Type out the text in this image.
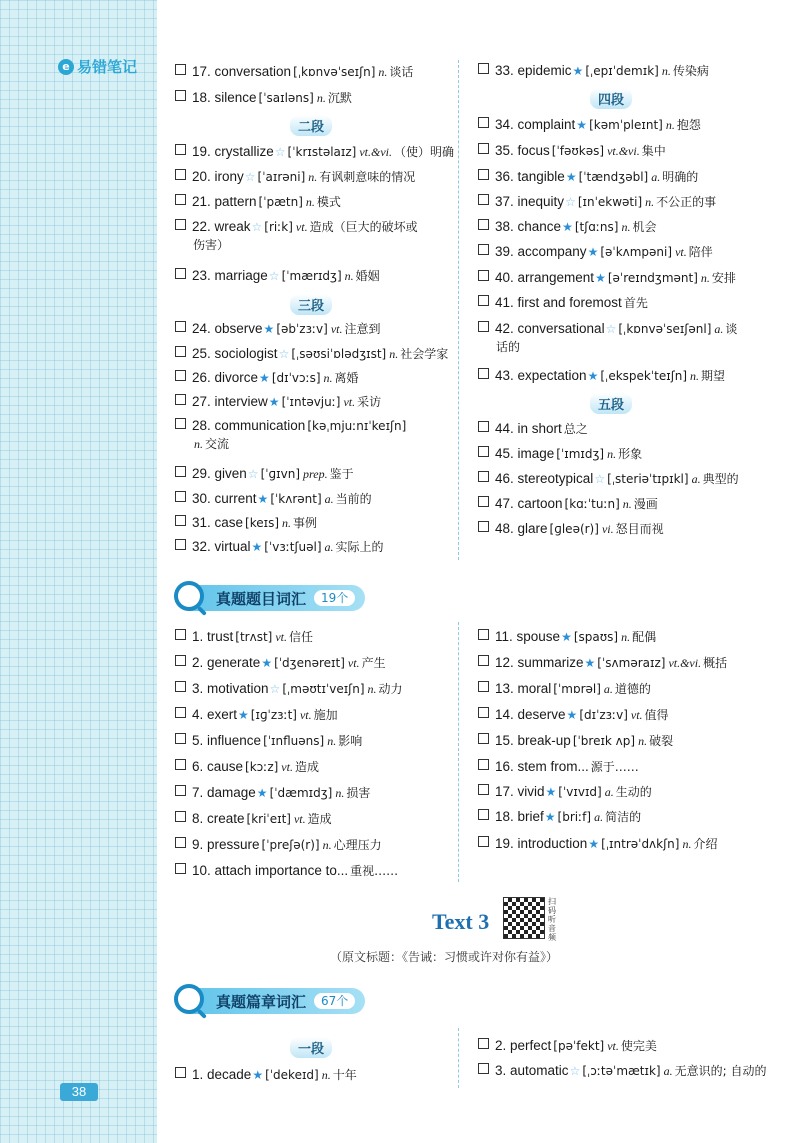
e 易错笔记
38
17. conversation [ˌkɒnvəˈseɪʃn] n. 谈话
18. silence [ˈsaɪləns] n. 沉默
二段
19. crystallize☆ [ˈkrɪstəlaɪz] vt.&vi. （使）明确
20. irony☆ [ˈaɪrəni] n. 有讽刺意味的情况
21. pattern [ˈpætn] n. 模式
22. wreak☆ [riːk] vt. 造成（巨大的破坏或
伤害）
23. marriage☆ [ˈmærɪdʒ] n. 婚姻
三段
24. observe★ [əbˈzɜːv] vt. 注意到
25. sociologist☆ [ˌsəʊsiˈɒlədʒɪst] n. 社会学家
26. divorce★ [dɪˈvɔːs] n. 离婚
27. interview★ [ˈɪntəvjuː] vt. 采访
28. communication [kəˌmjuːnɪˈkeɪʃn]
n. 交流
29. given☆ [ˈɡɪvn] prep. 鉴于
30. current★ [ˈkʌrənt] a. 当前的
31. case [keɪs] n. 事例
32. virtual★ [ˈvɜːtʃuəl] a. 实际上的
33. epidemic★ [ˌepɪˈdemɪk] n. 传染病
四段
34. complaint★ [kəmˈpleɪnt] n. 抱怨
35. focus [ˈfəʊkəs] vt.&vi. 集中
36. tangible★ [ˈtændʒəbl] a. 明确的
37. inequity☆ [ɪnˈekwəti] n. 不公正的事
38. chance★ [tʃɑːns] n. 机会
39. accompany★ [əˈkʌmpəni] vt. 陪伴
40. arrangement★ [əˈreɪndʒmənt] n. 安排
41. first and foremost 首先
42. conversational☆ [ˌkɒnvəˈseɪʃənl] a. 谈
话的
43. expectation★ [ˌekspekˈteɪʃn] n. 期望
五段
44. in short 总之
45. image [ˈɪmɪdʒ] n. 形象
46. stereotypical☆ [ˌsteriəˈtɪpɪkl] a. 典型的
47. cartoon [kɑːˈtuːn] n. 漫画
48. glare [ɡleə(r)] vi. 怒目而视
真题题目词汇	19个
1. trust [trʌst] vt. 信任
2. generate★ [ˈdʒenəreɪt] vt. 产生
3. motivation☆ [ˌməʊtɪˈveɪʃn] n. 动力
4. exert★ [ɪɡˈzɜːt] vt. 施加
5. influence [ˈɪnfluəns] n. 影响
6. cause [kɔːz] vt. 造成
7. damage★ [ˈdæmɪdʒ] n. 损害
8. create [kriˈeɪt] vt. 造成
9. pressure [ˈpreʃə(r)] n. 心理压力
10. attach importance to... 重视……
11. spouse★ [spaʊs] n. 配偶
12. summarize★ [ˈsʌməraɪz] vt.&vi. 概括
13. moral [ˈmɒrəl] a. 道德的
14. deserve★ [dɪˈzɜːv] vt. 值得
15. break-up [ˈbreɪk ʌp] n. 破裂
16. stem from... 源于……
17. vivid★ [ˈvɪvɪd] a. 生动的
18. brief★ [briːf] a. 简洁的
19. introduction★ [ˌɪntrəˈdʌkʃn] n. 介绍
Text 3
扫码听音频
（原文标题：《告诫：习惯或许对你有益》）
真题篇章词汇	67个
一段
1. decade★ [ˈdekeɪd] n. 十年
2. perfect [pəˈfekt] vt. 使完美
3. automatic☆ [ˌɔːtəˈmætɪk] a. 无意识的; 自动的
